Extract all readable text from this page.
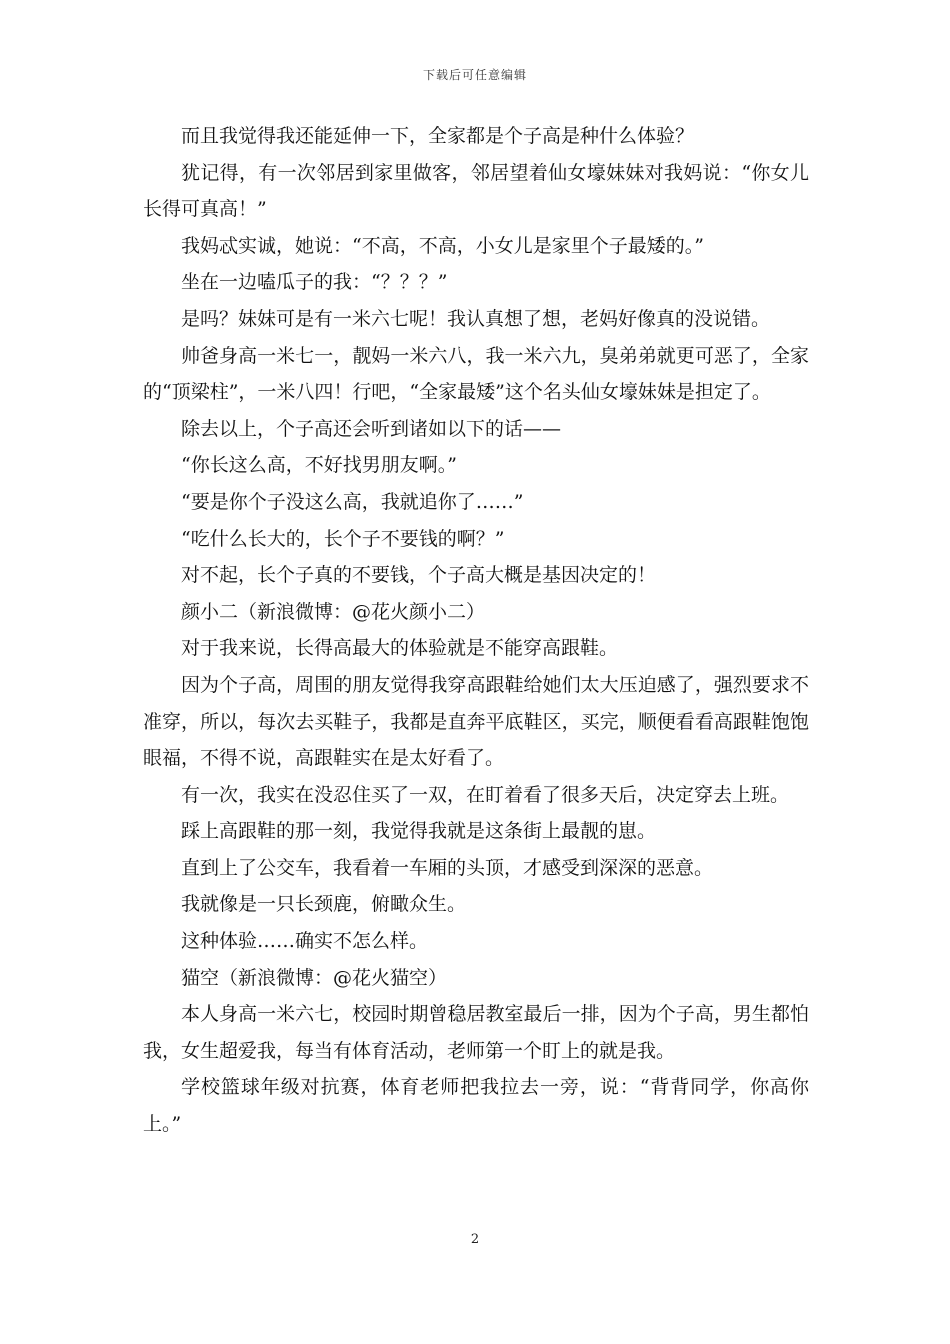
下载后可任意编辑

而且我觉得我还能延伸一下，全家都是个子高是种什么体验？

犹记得，有一次邻居到家里做客，邻居望着仙女壕妹妹对我妈说：“你女儿长得可真高！”

我妈忒实诚，她说：“不高，不高，小女儿是家里个子最矮的。”

坐在一边嗑瓜子的我：“？？？”

是吗？妹妹可是有一米六七呢！我认真想了想，老妈好像真的没说错。

帅爸身高一米七一，靓妈一米六八，我一米六九，臭弟弟就更可恶了，全家的“顶梁柱”，一米八四！行吧，“全家最矮”这个名头仙女壕妹妹是担定了。

除去以上，个子高还会听到诸如以下的话——

“你长这么高，不好找男朋友啊。”

“要是你个子没这么高，我就追你了……”

“吃什么长大的，长个子不要钱的啊？”

对不起，长个子真的不要钱，个子高大概是基因决定的！

颜小二（新浪微博：@花火颜小二）

对于我来说，长得高最大的体验就是不能穿高跟鞋。

因为个子高，周围的朋友觉得我穿高跟鞋给她们太大压迫感了，强烈要求不准穿，所以，每次去买鞋子，我都是直奔平底鞋区，买完，顺便看看高跟鞋饱饱眼福，不得不说，高跟鞋实在是太好看了。

有一次，我实在没忍住买了一双，在盯着看了很多天后，决定穿去上班。

踩上高跟鞋的那一刻，我觉得我就是这条街上最靓的崽。

直到上了公交车，我看着一车厢的头顶，才感受到深深的恶意。

我就像是一只长颈鹿，俯瞰众生。

这种体验……确实不怎么样。

猫空（新浪微博：@花火猫空）

本人身高一米六七，校园时期曾稳居教室最后一排，因为个子高，男生都怕我，女生超爱我，每当有体育活动，老师第一个盯上的就是我。

学校篮球年级对抗赛，体育老师把我拉去一旁，说：“背背同学，你高你上。”

2
